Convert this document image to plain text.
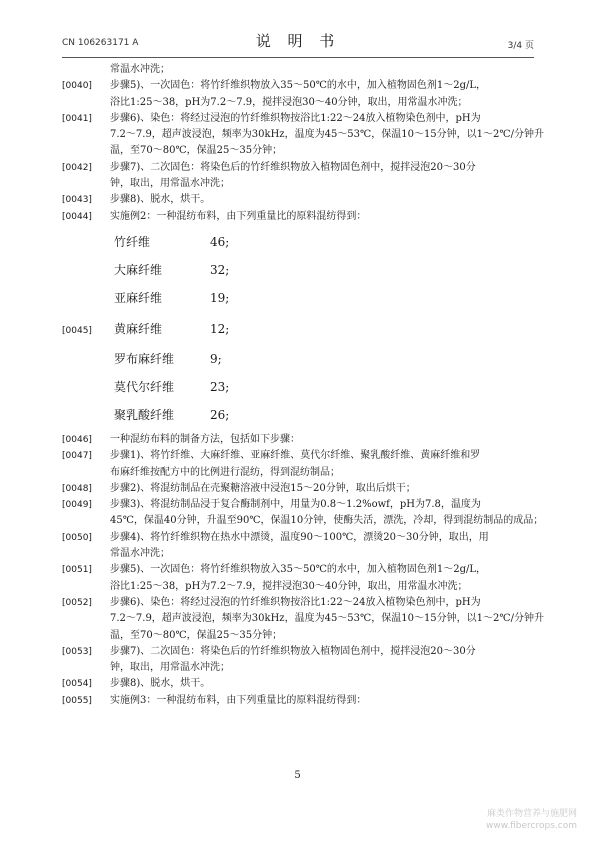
CN 106263171 A	说 明 书	3/4 页
常温水冲洗；
[0040] 步骤5)、一次固色：将竹纤维织物放入35～50℃的水中，加入植物固色剂1～2g/L，
浴比1:25～38，pH为7.2～7.9，搅拌浸泡30～40分钟，取出，用常温水冲洗；
[0041] 步骤6)、染色：将经过浸泡的竹纤维织物按浴比1:22～24放入植物染色剂中，pH为
7.2～7.9，超声波浸泡，频率为30kHz，温度为45～53℃，保温10～15分钟，以1～2℃/分钟升
温，至70～80℃，保温25～35分钟；
[0042] 步骤7)、二次固色：将染色后的竹纤维织物放入植物固色剂中，搅拌浸泡20～30分
钟，取出，用常温水冲洗；
[0043] 步骤8)、脱水，烘干。
[0044] 实施例2：一种混纺布料，由下列重量比的原料混纺得到：
竹纤维	46;
大麻纤维	32;
亚麻纤维	19;
[0045] 黄麻纤维	12;
罗布麻纤维	9;
莫代尔纤维	23;
聚乳酸纤维	26;
[0046] 一种混纺布料的制备方法，包括如下步骤：
[0047] 步骤1)、将竹纤维、大麻纤维、亚麻纤维、莫代尔纤维、聚乳酸纤维、黄麻纤维和罗
布麻纤维按配方中的比例进行混纺，得到混纺制品；
[0048] 步骤2)、将混纺制品在壳聚糖溶液中浸泡15～20分钟，取出后烘干；
[0049] 步骤3)、将混纺制品浸于复合酶制剂中，用量为0.8～1.2%owf，pH为7.8，温度为
45℃，保温40分钟，升温至90℃，保温10分钟，使酶失活，漂洗，冷却，得到混纺制品的成品；
[0050] 步骤4)、将竹纤维织物在热水中漂烫，温度90～100℃，漂烫20～30分钟，取出，用
常温水冲洗；
[0051] 步骤5)、一次固色：将竹纤维织物放入35～50℃的水中，加入植物固色剂1～2g/L，
浴比1:25～38，pH为7.2～7.9，搅拌浸泡30～40分钟，取出，用常温水冲洗；
[0052] 步骤6)、染色：将经过浸泡的竹纤维织物按浴比1:22～24放入植物染色剂中，pH为
7.2～7.9，超声波浸泡，频率为30kHz，温度为45～53℃，保温10～15分钟，以1～2℃/分钟升
温，至70～80℃，保温25～35分钟；
[0053] 步骤7)、二次固色：将染色后的竹纤维织物放入植物固色剂中，搅拌浸泡20～30分
钟，取出，用常温水冲洗；
[0054] 步骤8)、脱水，烘干。
[0055] 实施例3：一种混纺布料，由下列重量比的原料混纺得到：
5
麻类作物营养与施肥网
www.fibercrops.com
